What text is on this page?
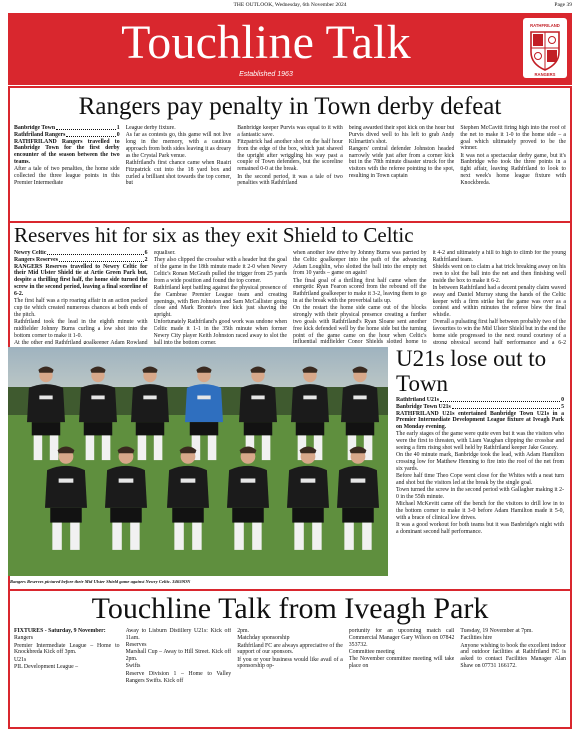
THE OUTLOOK, Wednesday, 6th November 2024	Page 39
Touchline Talk
Established 1963
RATHFRILAND
RANGERS
Rangers pay penalty in Town derby defeat
Banbridge Town	1
Rathfriland Rangers	0

RATHFRILAND Rangers travelled to Banbridge Town for the first derby encounter of the season between the two teams.

After a tale of two penalties, the home side collected the three league points in this Premier Intermediate

League derby fixture.

As far as contests go, this game will not live long in the memory, with a cautious approach from both sides leaving it as dreary as the Crystal Park venue.

Rathfriland's first chance came when Ruairi Fitzpatrick cut into the 18 yard box and curled a brilliant shot towards the top corner, but

Banbridge keeper Purvis was equal to it with a fantastic save.

Fitzpatrick had another shot on the half hour from the edge of the box, which just shaved the upright after wriggling his way past a couple of Town defenders, but the scoreline remained 0-0 at the break.

In the second period, it was a tale of two penalties with Rathfriland

being awarded their spot kick on the hour but Purvis dived well to his left to grab Andy Kilmartin's shot.

Rangers' central defender Johnston headed narrowly wide just after from a corner kick but in the 78th minute disaster struck for the visitors with the referee pointing to the spot, resulting in Town captain

Stephen McCavitt firing high into the roof of the net to make it 1-0 to the home side – a goal which ultimately proved to be the winner.

It was not a spectacular derby game, but it's Banbridge who took the three points in a tight affair, leaving Rathfriland to look to next week's home league fixture with Knockbreda.

Reserves hit for six as they exit Shield to Celtic
Newry Celtic	6
Rangers Reserves	2

RANGERS Reserves travelled to Newry Celtic for their Mid Ulster Shield tie at Artie Green Park but, despite a thrilling first half, the home side turned the screw in the second period, leaving a final scoreline of 6-2.

The first half was a rip roaring affair in an action packed cup tie which created numerous chances at both ends of the pitch.

Rathfriland took the lead in the eighth minute with midfielder Johnny Burns curling a low shot into the bottom corner to make it 1-0.

At the other end Rathfriland goalkeeper Adam Rowland

equaliser.

They also clipped the crossbar with a header but the goal of the game in the 18th minute made it 2-0 when Newry Celtic's Ronan McGrath pulled the trigger from 25 yards from a wide position and found the top corner.

Rathfriland kept battling against the physical presence of the Cambrae Premier League team and creating openings, with Ben Johnston and Sam McCallister going close and Mark Bronte's free kick just shaving the upright.

Unfortunately Rathfriland's good work was undone when Celtic made it 1-1 in the 35th minute when former Newry City player Keith Johnston raced away to slot the ball into the bottom corner.

when another low drive by Johnny Burns was parried by the Celtic goalkeeper into the path of the advancing Adam Loughlin, who slotted the ball into the empty net from 10 yards – game on again!

The final goal of a thrilling first half came when the energetic Ryan Fearon scored from the rebound off the Rathfriland goalkeeper to make it 3-2, leaving them to go in at the break with the proverbial tails up.

On the restart the home side came out of the blocks strongly with their physical presence creating a further two goals with Rathfriland's Ryan Sloane sent another free kick defended well by the home side but the turning point of the game came on the hour when Celtic's influential midfielder Conor Shields slotted home to

it 4-2 and ultimately a hill to high to climb for the young Rathfriland team.

Shields went on to claim a hat trick breaking away on his own to slot the ball into the net and then finishing well inside the box to make it 6-2.

In between Rathfriland had a decent penalty claim waved away and Daniel Murray stung the hands of the Celtic keeper with a firm strike but the game was over as a contest and within minutes the referee blew the final whistle.

Overall a pulsating first half between probably two of the favourites to win the Mid Ulster Shield but in the end the home side progressed to the next round courtesy of a strong physical second half performance and a 6-2

Rangers Reserves pictured before their Mid Ulster Shield game against Newry Celtic. 34659ON
U21s lose out to Town
Rathfriland U21s	0
Banbridge Town U21s	5

RATHFRILAND U21s entertained Banbridge Town U21s in a Premier Intermediate Development League fixture at Iveagh Park on Monday evening.

The early stages of the game were quite even but it was the visitors who were the first to threaten, with Liam Vaughan clipping the crossbar and seeing a firm rising shot well held by Rathfriland keeper Jake Gracey.

On the 40 minute mark, Banbridge took the lead, with Adam Hamilton crossing low for Matthew Henning to fire into the roof of the net from six yards.

Before half time Theo Cope went close for the Whites with a neat turn and shot but the visitors led at the break by the single goal.

Town turned the screw in the second period with Gallagher making it 2-0 in the 55th minute.

Michael McKevitt came off the bench for the visitors to drill low in to the bottom corner to make it 3-0 before Adam Hamilton made it 5-0, with a brace of clinical low drives.

It was a good workout for both teams but it was Banbridge's night with a dominant second half performance.

Touchline Talk from Iveagh Park

FIXTURES - Saturday, 9 November:

Rangers

Premier Intermediate League – Home to Knockbreda Kick off 3pm.

U21s

PIL Development League –

Away to Lisburn Distillery U21s: Kick off 11am.

Reserves

Marshall Cup – Away to Hill Street. Kick off 2pm.

Swifts

Reserve Division 1 – Home to Valley Rangers Swifts. Kick off

2pm.

Matchday sponsorship

Rathfriland FC are always appreciative of the support of our sponsors.

If you or your business would like avail of a sponsorship op-

portunity for an upcoming match call Commercial Manager Gary Wilson on 07842 353732.

Committee meeting

The November committee meeting will take place on

Tuesday, 19 November at 7pm.

Facilities hire

Anyone wishing to book the excellent indoor and outdoor facilities at Rathfriland FC is asked to contact Facilities Manager Alan Shaw on 07731 166172.
